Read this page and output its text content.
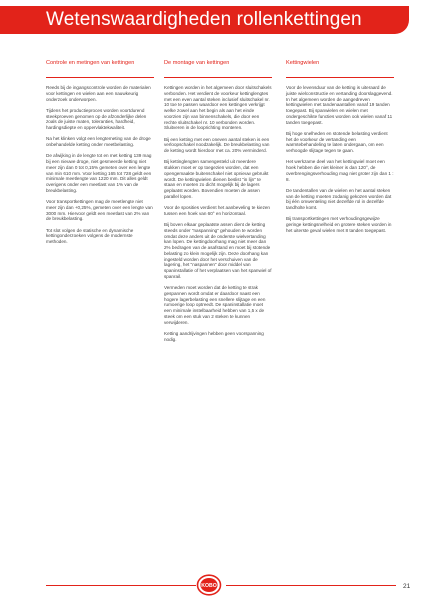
Wetenswaardigheden rollenkettingen
Controle en metingen van kettingen

Reeds bij de ingangscontrole worden de materialen voor kettingen en wielen aan een nauwkeurig onderzoek onderworpen.

Tijdens het productieproces worden voortdurend steekproeven genomen op de afzonderlijke delen zoals de juiste maten, toleranties, hardheid, hardingsdiepte en oppervlaktekwaliteit.

Na het klinken volgt een lengtemeting van de droge onbehandelde ketting onder meetbelasting.

De afwijking in de lengte tot en met ketting 139 mag bij een nieuwe droge, niet gesmeerde ketting niet meer zijn dan 0 tot 0,15% gemeten over een lengte van min 610 mm. Voor ketting 165 tot 728 geldt een minimale meetlengte van 1220 mm. Dit alles geldt overigens onder een meetlast van 1% van de breukbelasting.

Voor transportkettingen mag de meetlengte niet meer zijn dan +0,25%, gemeten over een lengte van 3000 mm. Hiervoor geldt een meetlast van 2% van de breukbelasting.

Tot slot volgen de statische en dynamische kettingonderzoeken volgens de modernste methoden.

De montage van kettingen

Kettingen worden in het algemeen door sluitschakels verbonden. Het verdient de voorkeur kettinglengtes met een even aantal steken inclusief sluitschakel nr. 10 toe te passen waardoor een kettingen verkrijgt welke zowel aan het begin als aan het einde voorzien zijn van binnenschakels, die door een rechte sluitschakel nr. 10 verbonden worden. Sluitveren in de looprichting monteren.

Bij een ketting met een oneven aantal steken is een verloopschakel noodzakelijk. De breukbelasting van de ketting wordt hierdoor met ca. 20% verminderd.

Bij kettinglengten samengesteld uit meerdere stukken moet er op toegezien worden, dat een opengemaakte buitenschakel niet opnieuw gebruikt wordt. De kettingwielen dienen beslist "in lijn" te staan en moeten zo dicht mogelijk bij de lagers geplaatst worden. Bovendien moeten de assen parallel lopen.

Voor de sposities verdient het aanbeveling te kiezen tussen een hoek van 60° en horizontaal.

Bij boven elkaar geplaatste assen dient de ketting steeds onder "naspanning" gehouden te worden omdat deze anders uit de onderste wielvertanding kan lopen. De kettingdoorhang mag niet meer dan 2% bedragen van de asafstand en moet bij stotende belasting zo klein mogelijk zijn. Deze doorhang kan ingesteld worden door het verschuiven van de lagering, het "naspannen" door middel van spaninstallatie of het verplaatsen van het spanwiel of spanrail.

Vermeden moet worden dat de ketting te strak gespannen wordt omdat er daardoor naast een hogere lagerbelasting een snellere slijtage en een rumoerige loop optreedt. De spaninstallatie moet een minimale instelbaarheid hebben van 1,5 x de steek om een stuk van 2 steken te kunnen verwijderen.

Ketting aandrijvingen hebben geen voorspanning nodig.

Kettingwielen

Voor de levensduur van de ketting is uiteraard de juiste wielconstructie en vertanding doorslaggevend. In het algemeen worden de aangedreven kettingwielen met tandenaantallen vanaf 19 tanden toegepast. Bij spanwielen en wielen met ondergeschikte functies worden ook wielen vanaf 11 tanden toegepast.

Bij hoge snelheden en stotende belasting verdient het de voorkeur de vertanding een warmtebehandeling te laten ondergaan, om een verhoogde slijtage tegen te gaan.

Het werkzame deel van het kettingwiel moet een hoek hebben die niet kleiner is dan 120°, de overbrengingsverhouding mag niet groter zijn dan 1 : 8.

De tandentallen van de wielen en het aantal steken van de ketting moeten zodanig gekozen worden dat bij één omwenteling niet dezelfde rol in dezelfde tandholte komt.

Bij transportkettingen met verhoudingsgewijze geringe kettingsnelheid en grotere steken worden in het uiterste geval wielen met 8 tanden toegepast.

KOBO	21
